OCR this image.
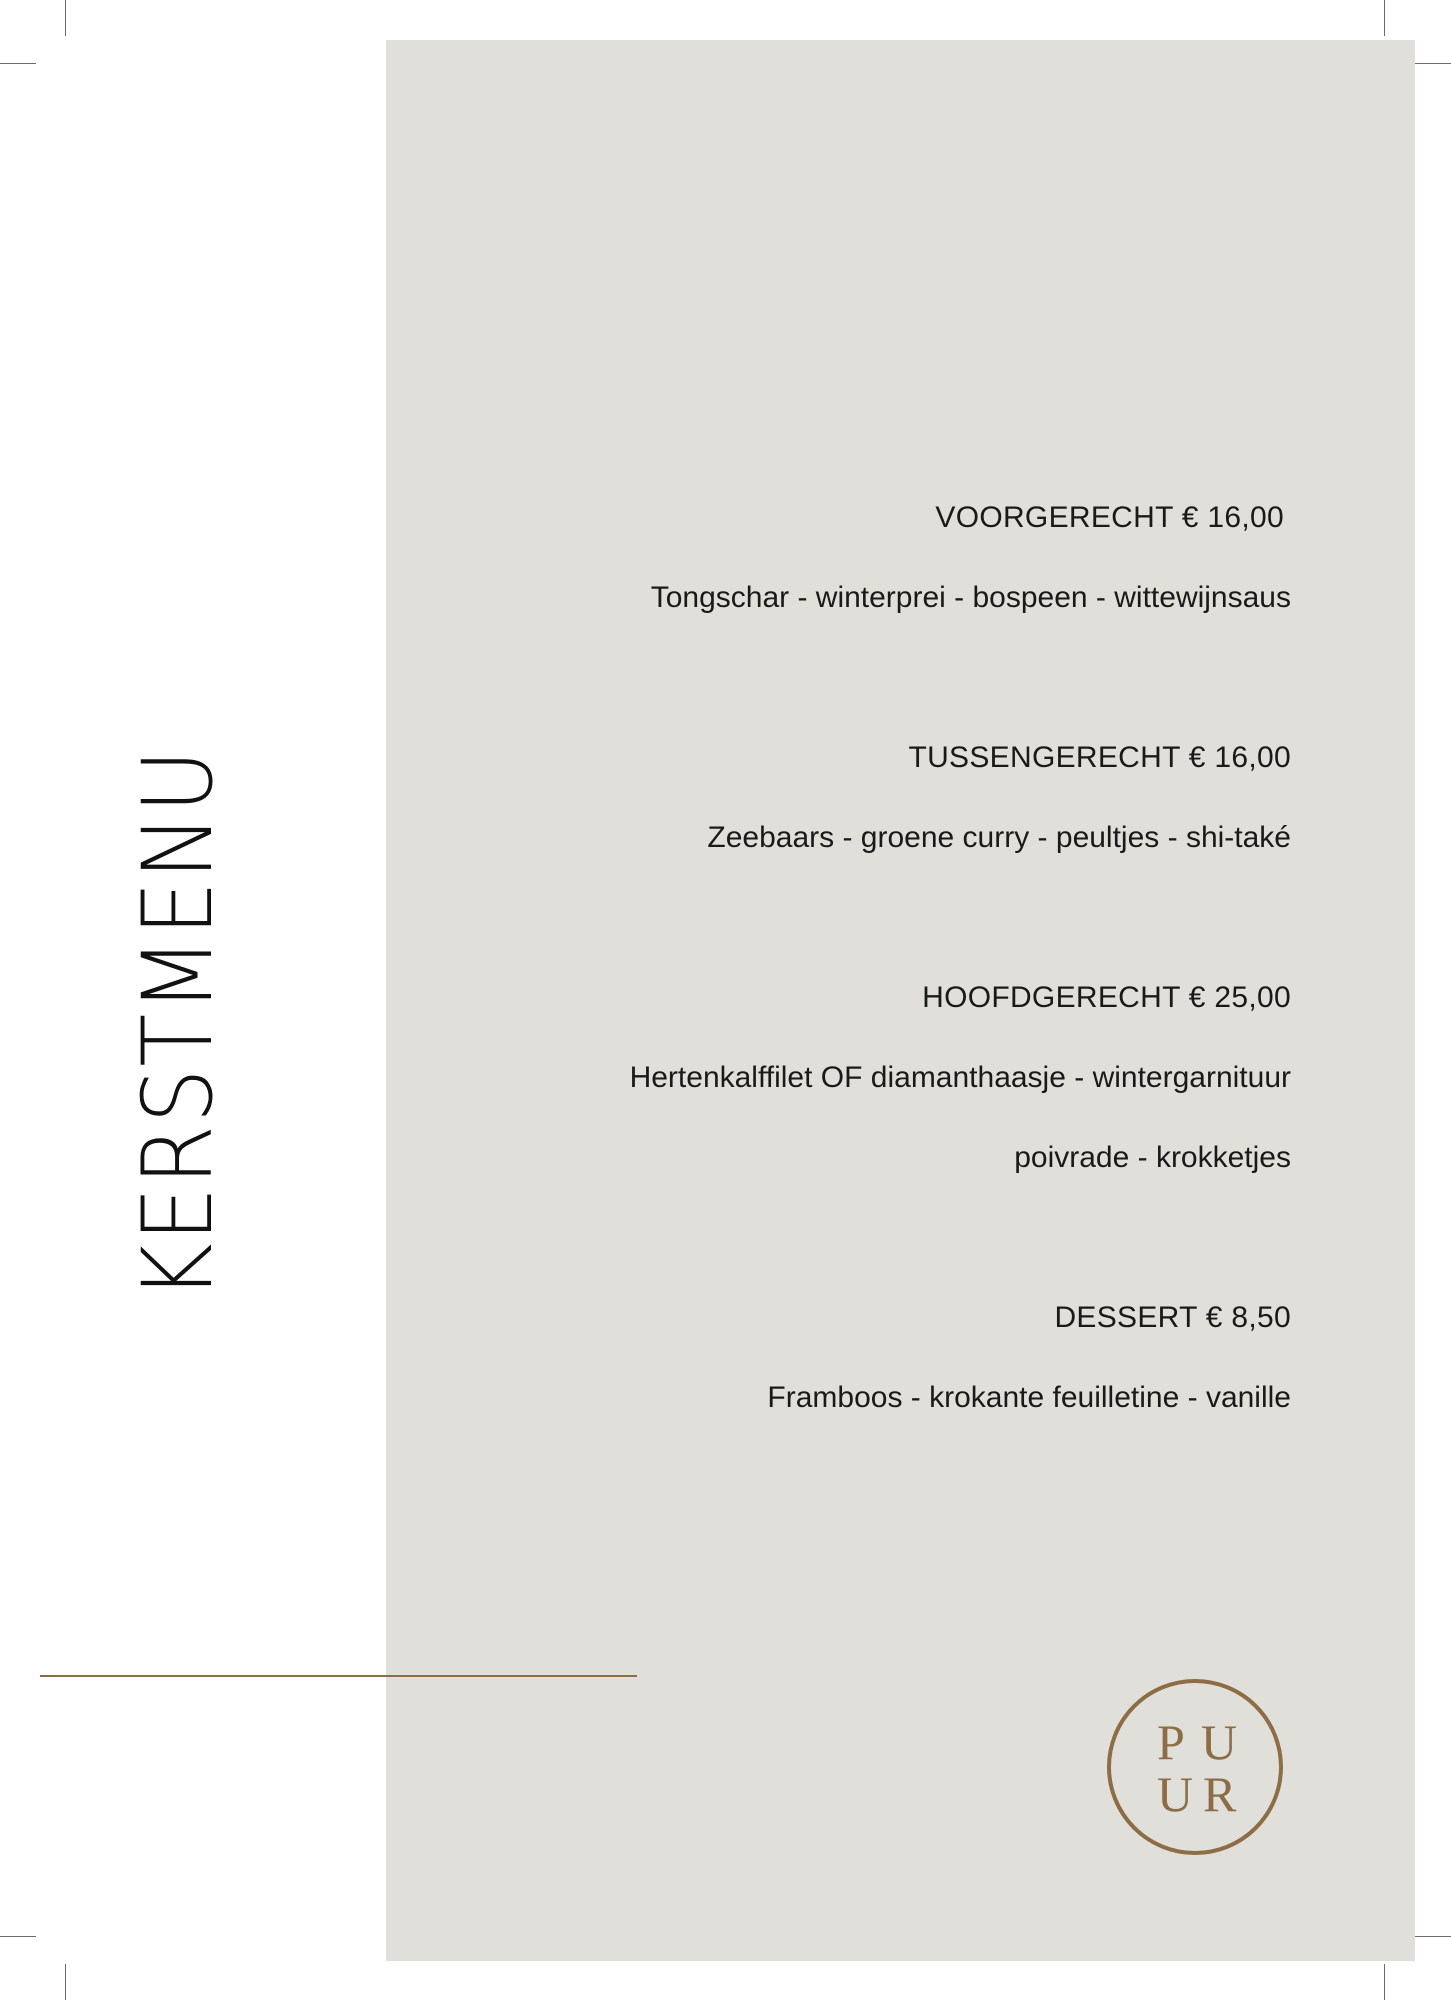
KERSTMENU
VOORGERECHT € 16,00
Tongschar - winterprei - bospeen - wittewijnsaus
TUSSENGERECHT € 16,00
Zeebaars - groene curry - peultjes - shi-také
HOOFDGERECHT € 25,00
Hertenkalffilet OF diamanthaasje - wintergarnituur
poivrade - krokketjes
DESSERT € 8,50
Framboos - krokante feuilletine - vanille
P U
U R
